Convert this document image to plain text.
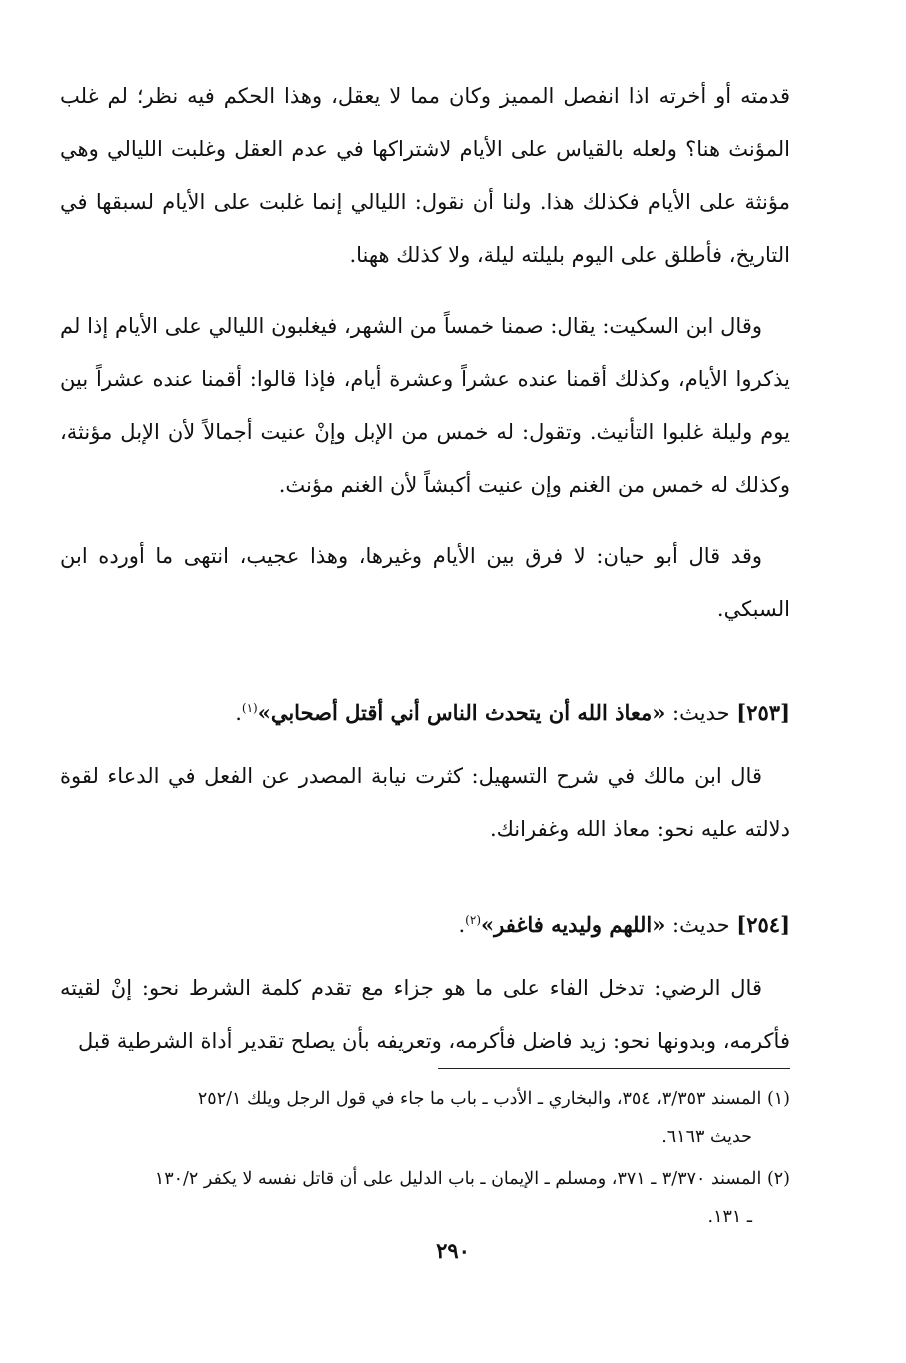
قدمته أو أخرته اذا انفصل المميز وكان مما لا يعقل، وهذا الحكم فيه نظر؛ لم غلب المؤنث هنا؟ ولعله بالقياس على الأيام لاشتراكها في عدم العقل وغلبت الليالي وهي مؤنثة على الأيام فكذلك هذا. ولنا أن نقول: الليالي إنما غلبت على الأيام لسبقها في التاريخ، فأطلق على اليوم بليلته ليلة، ولا كذلك ههنا.

وقال ابن السكيت: يقال: صمنا خمساً من الشهر، فيغلبون الليالي على الأيام إذا لم يذكروا الأيام، وكذلك أقمنا عنده عشراً وعشرة أيام، فإذا قالوا: أقمنا عنده عشراً بين يوم وليلة غلبوا التأنيث. وتقول: له خمس من الإبل وإنْ عنيت أجمالاً لأن الإبل مؤنثة، وكذلك له خمس من الغنم وإن عنيت أكبشاً لأن الغنم مؤنث.

وقد قال أبو حيان: لا فرق بين الأيام وغيرها، وهذا عجيب، انتهى ما أورده ابن السبكي.

[٢٥٣] حديث: «معاذ الله أن يتحدث الناس أني أقتل أصحابي»$^{(١)}$.

قال ابن مالك في شرح التسهيل: كثرت نيابة المصدر عن الفعل في الدعاء لقوة دلالته عليه نحو: معاذ الله وغفرانك.

[٢٥٤] حديث: «اللهم وليديه فاغفر»$^{(٢)}$.

قال الرضي: تدخل الفاء على ما هو جزاء مع تقدم كلمة الشرط نحو: إنْ لقيته فأكرمه، وبدونها نحو: زيد فاضل فأكرمه، وتعريفه بأن يصلح تقدير أداة الشرطية قبل

(١) المسند ٣/٣٥٣، ٣٥٤، والبخاري ـ الأدب ـ باب ما جاء في قول الرجل ويلك ٢٥٢/١
حديث ٦١٦٣.

(٢) المسند ٣/٣٧٠ ـ ٣٧١، ومسلم ـ الإيمان ـ باب الدليل على أن قاتل نفسه لا يكفر ١٣٠/٢
ـ ١٣١.

٢٩٠
